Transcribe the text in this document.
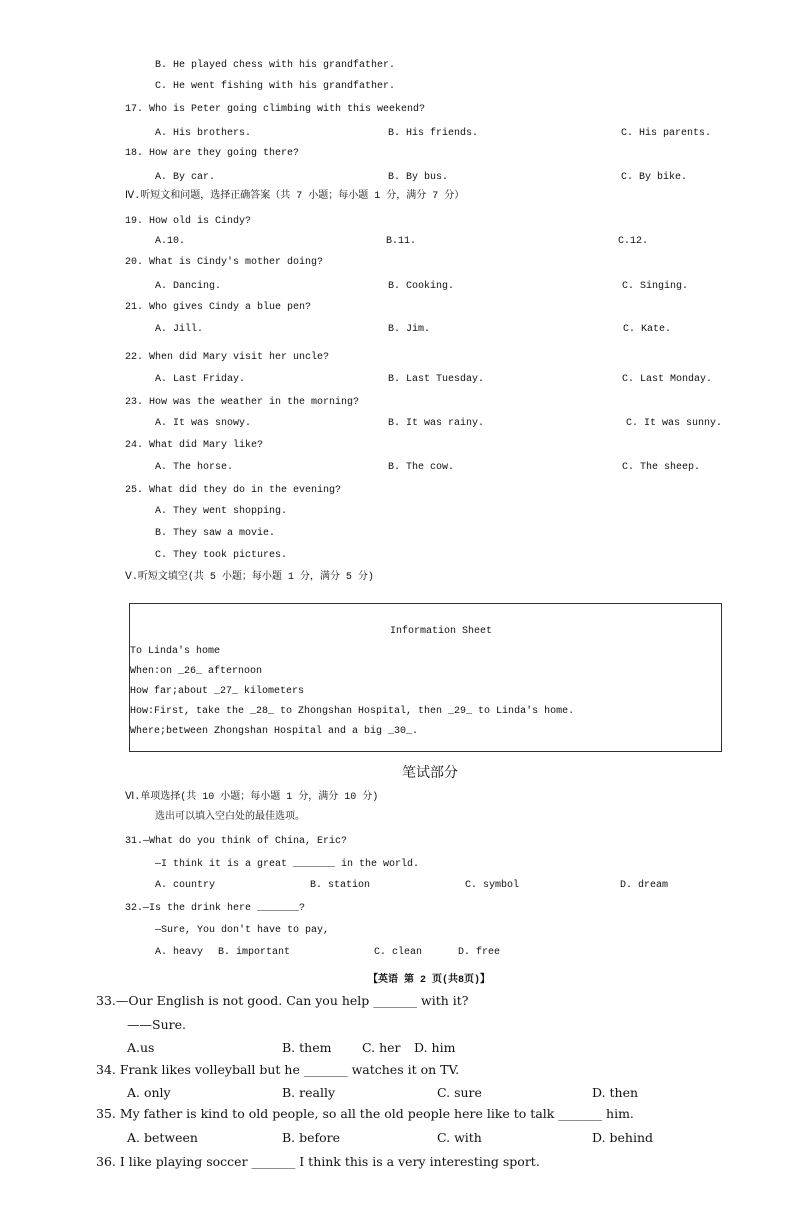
B. He played chess with his grandfather.
C. He went fishing with his grandfather.
17. Who is Peter going climbing with this weekend?
A. His brothers.	B. His friends.	C. His parents.
18. How are they going there?
A. By car.	B. By bus.	C. By bike.
Ⅳ.听短文和问题，选择正确答案（共 7 小题；每小题 1 分，满分 7 分）
19. How old is Cindy?
A.10.	B.11.	C.12.
20. What is Cindy's mother doing?
A. Dancing.	B. Cooking.	C. Singing.
21. Who gives Cindy a blue pen?
A. Jill.	B. Jim.	C. Kate.
22. When did Mary visit her uncle?
A. Last Friday.	B. Last Tuesday.	C. Last Monday.
23. How was the weather in the morning?
A. It was snowy.	B. It was rainy.	C. It was sunny.
24. What did Mary like?
A. The horse.	B. The cow.	C. The sheep.
25. What did they do in the evening?
A. They went shopping.
B. They saw a movie.
C. They took pictures.
Ⅴ.听短文填空(共 5 小题；每小题 1 分，满分 5 分)
Information Sheet
To Linda's home
When:on _26_ afternoon
How far;about _27_ kilometers
How:First, take the _28_ to Zhongshan Hospital, then _29_ to Linda's home.
Where;between Zhongshan Hospital and a big _30_.
笔试部分
Ⅵ.单项选择(共 10 小题；每小题 1 分，满分 10 分)
选出可以填入空白处的最佳选项。
31.—What do you think of China, Eric?
—I think it is a great _______ in the world.
A. country	B. station	C. symbol	D. dream
32.—Is the drink here _______?
—Sure, You don't have to pay,
A. heavy B. important	C. clean	D. free
【英语 第 2 页(共8页)】
33.—Our English is not good. Can you help _______ with it?
——Sure.
A.us	B. them C. her D. him
34. Frank likes volleyball but he _______ watches it on TV.
A. only	B. really	C. sure	D. then
35. My father is kind to old people, so all the old people here like to talk _______ him.
A. between	B. before	C. with	D. behind
36. I like playing soccer _______ I think this is a very interesting sport.
